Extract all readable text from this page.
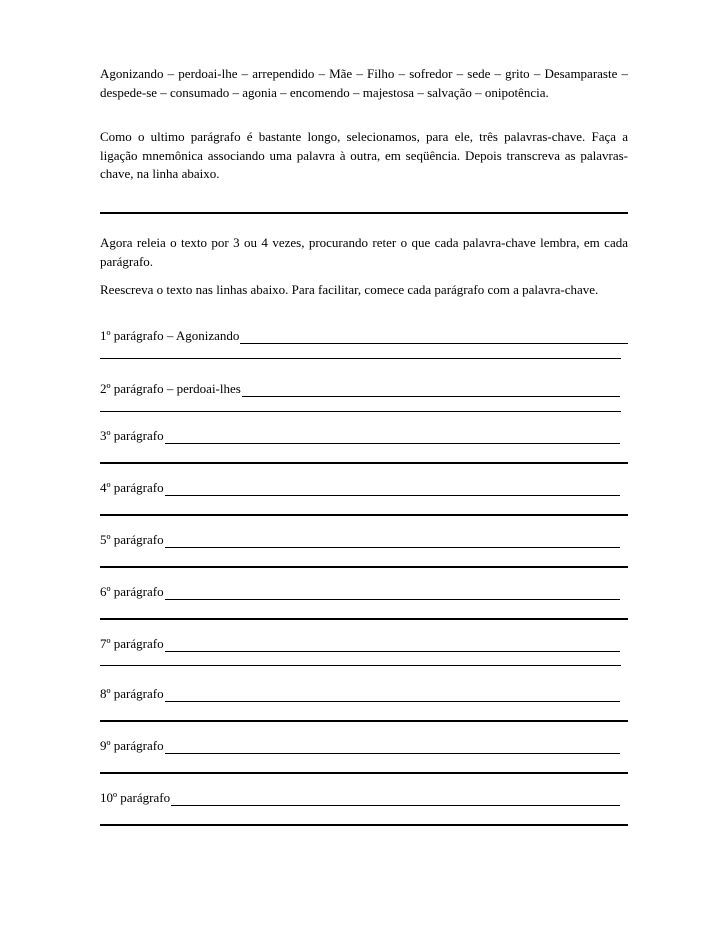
Agonizando – perdoai-lhe – arrependido – Mãe – Filho – sofredor – sede – grito – Desamparaste – despede-se – consumado – agonia – encomendo – majestosa – salvação – onipotência.
Como o ultimo parágrafo é bastante longo, selecionamos, para ele, três palavras-chave. Faça a ligação mnemônica associando uma palavra à outra, em seqüência. Depois transcreva as palavras-chave, na linha abaixo.
Agora releia o texto por 3 ou 4 vezes, procurando reter o que cada palavra-chave lembra, em cada parágrafo.
Reescreva o texto nas linhas abaixo. Para facilitar, comece cada parágrafo com a palavra-chave.
1º parágrafo – Agonizando
2º parágrafo – perdoai-lhes
3º parágrafo
4º parágrafo
5º parágrafo
6º parágrafo
7º parágrafo
8º parágrafo
9º parágrafo
10º parágrafo
